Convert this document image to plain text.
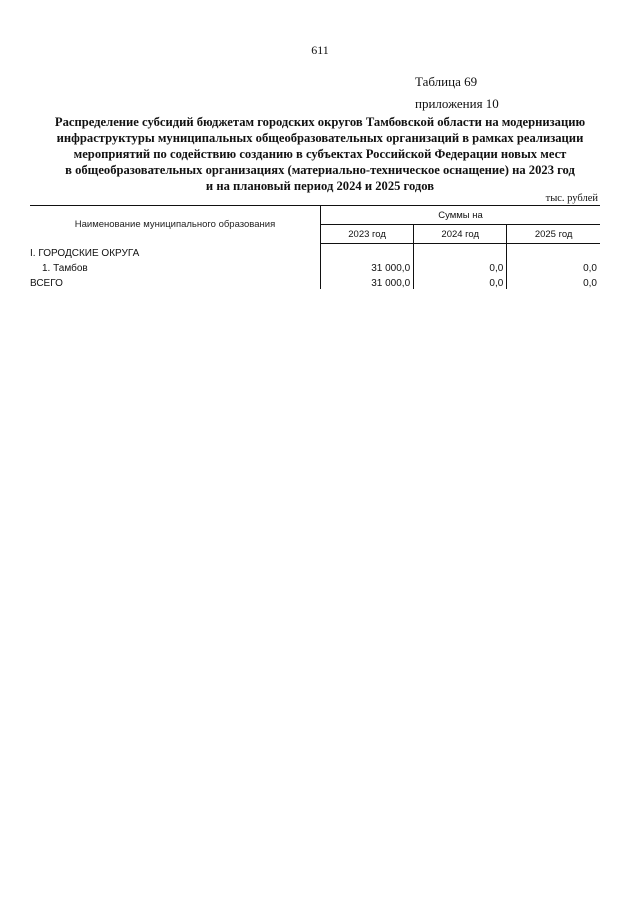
611
Таблица 69
приложения 10
Распределение субсидий бюджетам городских округов Тамбовской области на модернизацию
инфраструктуры муниципальных общеобразовательных организаций в рамках реализации
мероприятий по содействию созданию в субъектах Российской Федерации новых мест
в общеобразовательных организациях (материально-техническое оснащение) на 2023 год
и на плановый период 2024 и 2025 годов
тыс. рублей
Наименование муниципального образования	Суммы на		
	2023 год	2024 год	2025 год
I. ГОРОДСКИЕ ОКРУГА			
1. Тамбов	31 000,0	0,0	0,0
ВСЕГО	31 000,0	0,0	0,0
